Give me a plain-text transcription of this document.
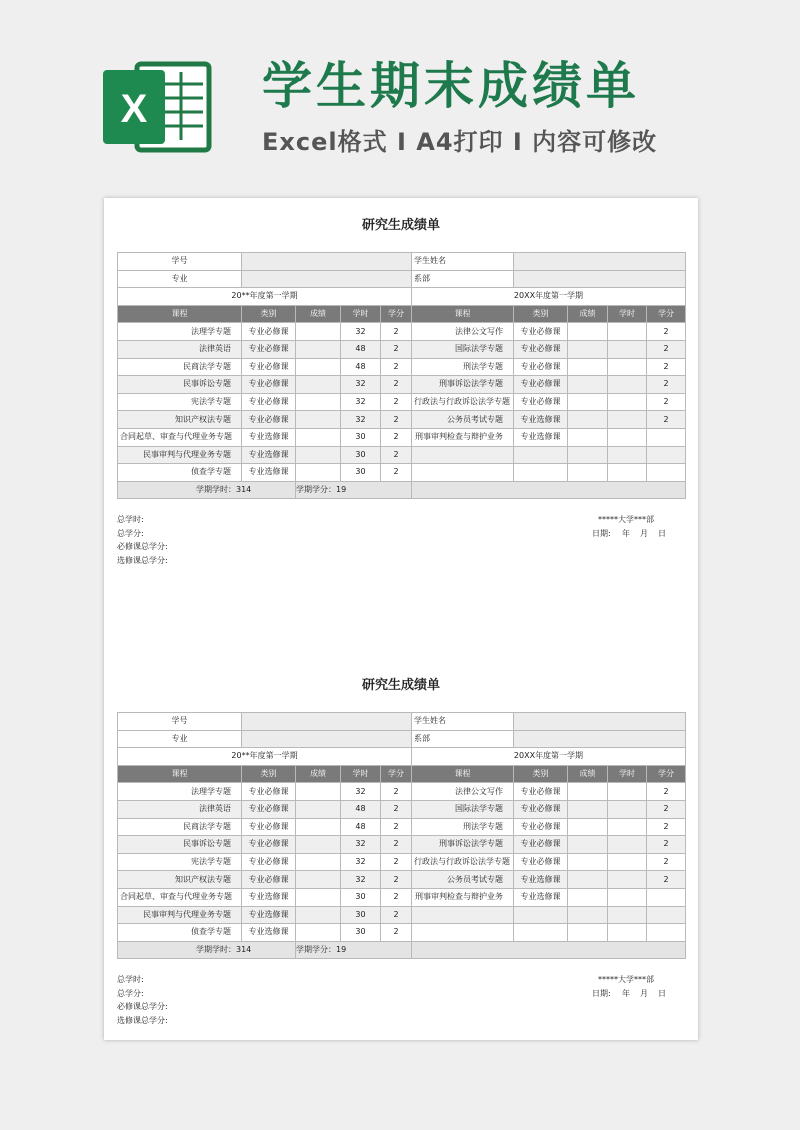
X 学生期末成绩单
Excel格式 I A4打印 I 内容可修改
研究生成绩单
学号					学生姓名				
专业					系部				
20**年度第一学期					20XX年度第一学期				
课程	类别	成绩	学时	学分	课程	类别	成绩	学时	学分
法理学专题	专业必修课		32	2	法律公文写作	专业必修课			2
法律英语	专业必修课		48	2	国际法学专题	专业必修课			2
民商法学专题	专业必修课		48	2	刑法学专题	专业必修课			2
民事诉讼专题	专业必修课		32	2	刑事诉讼法学专题	专业必修课			2
宪法学专题	专业必修课		32	2	行政法与行政诉讼法学专题	专业必修课			2
知识产权法专题	专业必修课		32	2	公务员考试专题	专业选修课			2
合同起草、审查与代理业务专题	专业选修课		30	2	刑事审判检查与辩护业务	专业选修课			
民事审判与代理业务专题	专业选修课		30	2					
侦查学专题	专业选修课		30	2					
学期学时：314		学期学分：19							
总学时:
总学分:
必修课总学分:
选修课总学分:
*****大学***部
日期: 年 月 日
研究生成绩单
学号					学生姓名				
专业					系部				
20**年度第一学期					20XX年度第一学期				
课程	类别	成绩	学时	学分	课程	类别	成绩	学时	学分
法理学专题	专业必修课		32	2	法律公文写作	专业必修课			2
法律英语	专业必修课		48	2	国际法学专题	专业必修课			2
民商法学专题	专业必修课		48	2	刑法学专题	专业必修课			2
民事诉讼专题	专业必修课		32	2	刑事诉讼法学专题	专业必修课			2
宪法学专题	专业必修课		32	2	行政法与行政诉讼法学专题	专业必修课			2
知识产权法专题	专业必修课		32	2	公务员考试专题	专业选修课			2
合同起草、审查与代理业务专题	专业选修课		30	2	刑事审判检查与辩护业务	专业选修课			
民事审判与代理业务专题	专业选修课		30	2					
侦查学专题	专业选修课		30	2					
学期学时：314		学期学分：19							
总学时:
总学分:
必修课总学分:
选修课总学分:
*****大学***部
日期: 年 月 日
